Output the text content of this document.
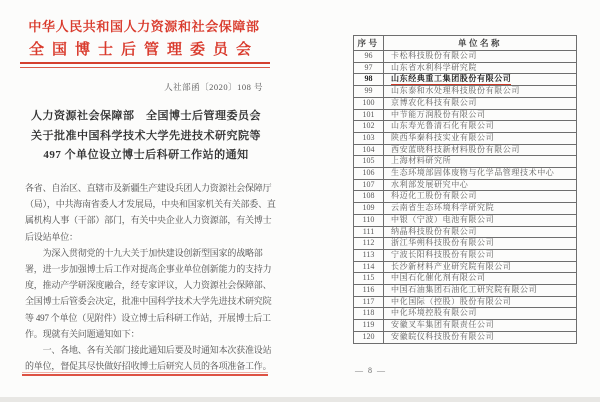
中华人民共和国人力资源和社会保障部
全国博士后管理委员会
人社部函〔2020〕108 号
人力资源社会保障部　全国博士后管理委员会
关于批准中国科学技术大学先进技术研究院等
497 个单位设立博士后科研工作站的通知
各省、自治区、直辖市及新疆生产建设兵团人力资源社会保障厅
（局），中共海南省委人才发展局，中央和国家机关有关部委、直
属机构人事（干部）部门，有关中央企业人力资源部，有关博士
后设站单位：
　　为深入贯彻党的十九大关于加快建设创新型国家的战略部
署，进一步加强博士后工作对提高企事业单位创新能力的支持力
度，推动产学研深度融合，经专家评议，人力资源社会保障部、
全国博士后管委会决定，批准中国科学技术大学先进技术研究院
等 497 个单位（见附件）设立博士后科研工作站，开展博士后工
作。现就有关问题通知如下：
　　一、各地、各有关部门接此通知后要及时通知本次获准设站
的单位，督促其尽快做好招收博士后研究人员的各项准备工作。
序号	单位名称
96	卡松科技股份有限公司
97	山东省水利科学研究院
98	山东经典重工集团股份有限公司
99	山东泰和水处理科技股份有限公司
100	京博农化科技有限公司
101	中节能万润股份有限公司
102	山东寿光鲁清石化有限公司
103	陕西华秦科技实业有限公司
104	西安蓝晓科技新材料股份有限公司
105	上海材料研究所
106	生态环境部固体废物与化学品管理技术中心
107	水利部发展研究中心
108	科迈化工股份有限公司
109	云南省生态环境科学研究院
110	中银（宁波）电池有限公司
111	纳晶科技股份有限公司
112	浙江华朔科技股份有限公司
113	宁波长阳科技股份有限公司
114	长沙新材料产业研究院有限公司
115	中国石化催化剂有限公司
116	中国石油集团石油化工研究院有限公司
117	中化国际（控股）股份有限公司
118	中化环境控股有限公司
119	安徽叉车集团有限责任公司
120	安徽皖仪科技股份有限公司
— 8 —
